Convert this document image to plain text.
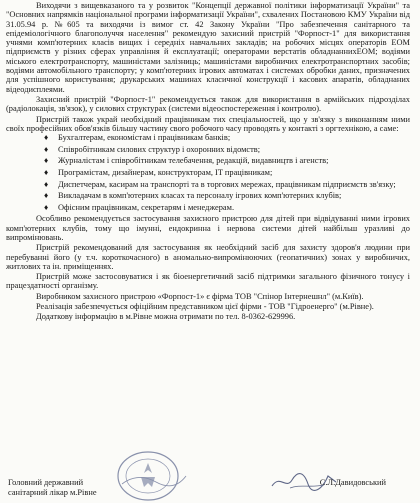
Виходячи з вищевказаного та у розвиток "Концепції державної політики інформатизації України" та "Основних напрямків національної програми інформатизації України", схвалених Постановою КМУ України від 31.05.94 р. №605 та виходячи із вимог ст. 42 Закону України "Про забезпечення санітарного та епідеміологічного благополуччя населення" рекомендую захисний пристрій "Форпост-1" для використання учнями комп'ютерних класів вищих і середніх навчальних закладів; на робочих місцях операторів ЕОМ підприємств у різних сферах управління й експлуатації; операторами верстатів обладнаннихЕОМ; водіями міського електротранспорту, машиністами залізниць; машиністами виробничих електротранспортних засобів; водіями автомобільного транспорту; у комп'ютерних ігрових автоматах і системах обробки даних, призначених для успішного користування; друкарських машинах класичної конструкції і касових апаратів, обладнаних відеодисплеями.

Захисний пристрій "Форпост-1" рекомендується також для використання в армійських підрозділах (радіолокація, зв'язок), у силових структурах (системи відеоспостереження і контролю).

Пристрій також украй необхідний працівникам тих спеціальностей, що у зв'язку з виконанням ними своїх професійних обов'язків більшу частину свого робочого часу проводять у контакті з оргтехнікою, а саме:

♦	Бухгалтерам, економістам і працівникам банків;
♦	Співробітникам силових структур і охоронних відомств;
♦	Журналістам і співробітникам телебачення, редакцій, видавництв і агенств;
♦	Програмістам, дизайнерам, конструкторам, IT працівникам;
♦	Диспетчерам, касирам на транспорті та в торгових мережах, працівникам підприємств зв'язку;
♦	Викладачам в комп'ютерних класах та персоналу ігрових комп'ютерних клубів;
♦	Офісним працівникам, секретарям і менеджерам.

Особливо рекомендується застосування захисного пристрою для дітей при відвідуванні ними ігрових комп'ютерних клубів, тому що імунні, ендокринна і нервова системи дітей найбільш уразливі до випромінювань.

Пристрій рекомендований для застосування як необхідний засіб для захисту здоров'я людини при перебуванні його (у т.ч. короткочасного) в аномально-випромінюючих (геопатичних) зонах у виробничих, житлових та ін. приміщеннях.

Пристрій може застосовуватися і як біоенергетичний засіб підтримки загального фізичного тонусу і працездатності організму.

Виробником захисного пристрою «Форпост-1» є фірма ТОВ "Спінор Інтернешнл" (м.Київ).

Реалізація забезпечується офіційним представником цієї фірми - ТОВ "Гідроенерго" (м.Рівне).

Додаткову інформацію в м.Рівне можна отримати по тел. 8-0362-629996.

Головний державний
санітарний лікар м.Рівне
С.Л.Давидовський
